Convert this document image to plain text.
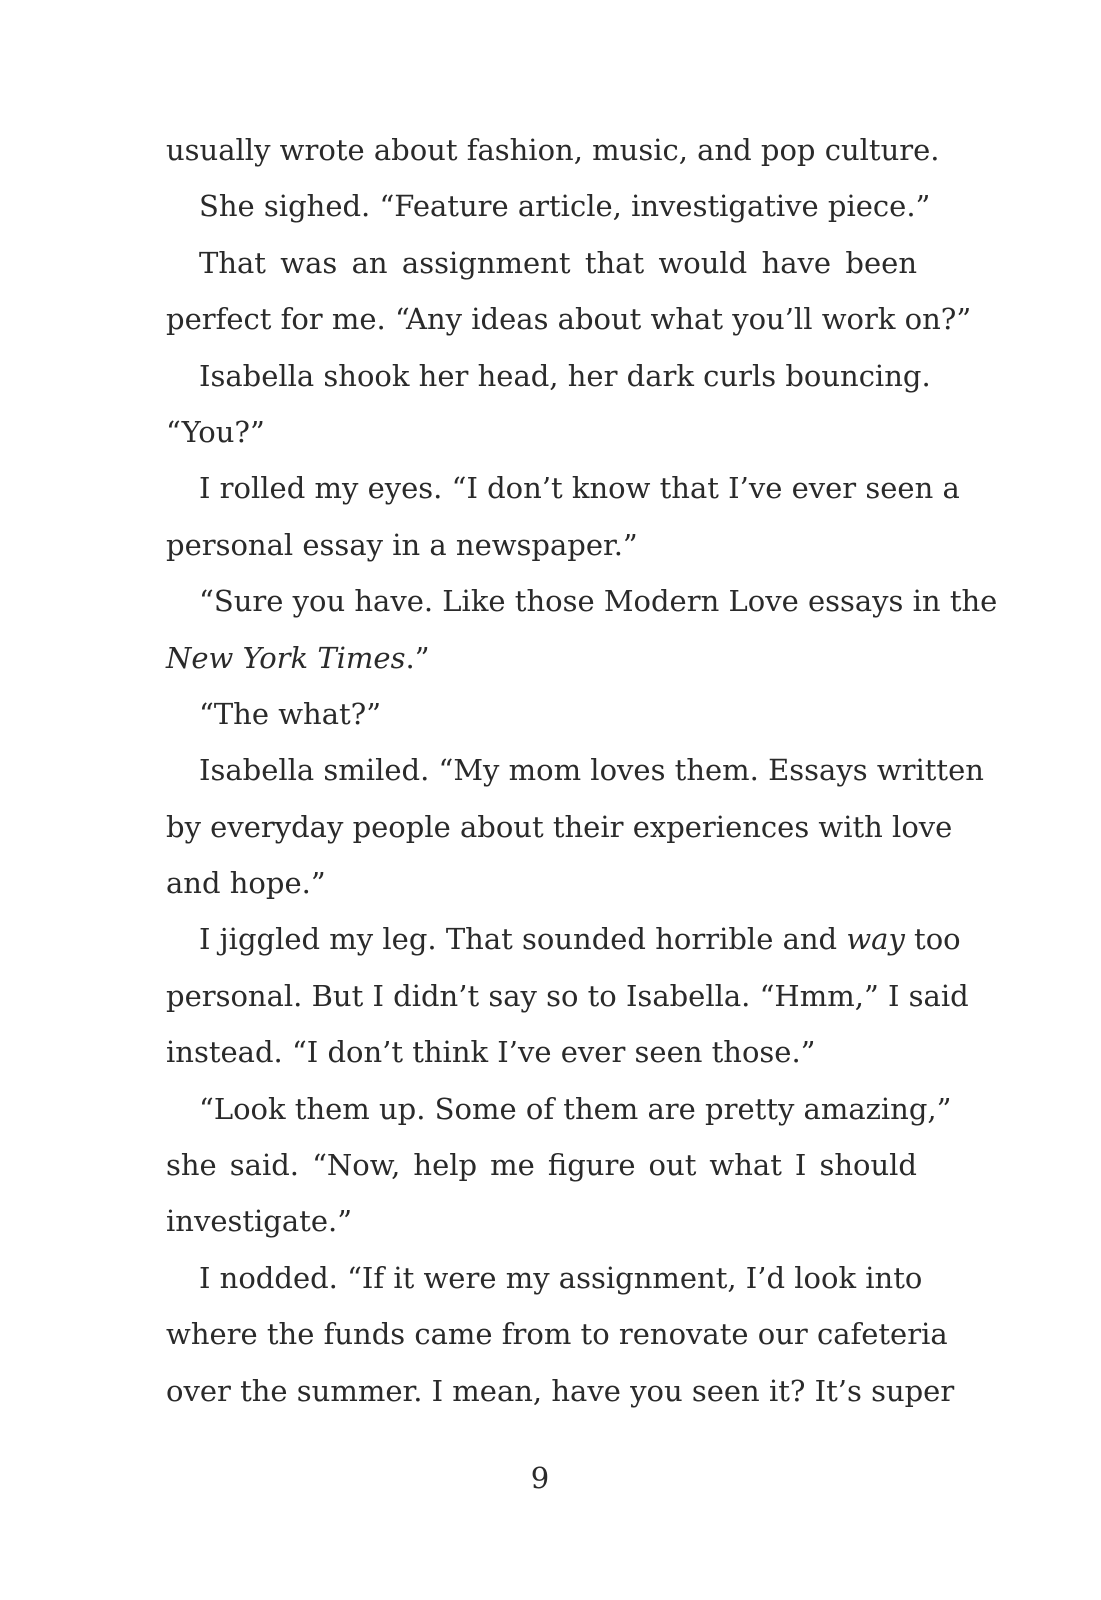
usually wrote about fashion, music, and pop culture.
She sighed. “Feature article, investigative piece.”
That was an assignment that would have been
perfect for me. “Any ideas about what you’ll work on?”
Isabella shook her head, her dark curls bouncing.
“You?”
I rolled my eyes. “I don’t know that I’ve ever seen a
personal essay in a newspaper.”
“Sure you have. Like those Modern Love essays in the
New York Times.”
“The what?”
Isabella smiled. “My mom loves them. Essays written
by everyday people about their experiences with love
and hope.”
I jiggled my leg. That sounded horrible and way too
personal. But I didn’t say so to Isabella. “Hmm,” I said
instead. “I don’t think I’ve ever seen those.”
“Look them up. Some of them are pretty amazing,”
she said. “Now, help me figure out what I should
investigate.”
I nodded. “If it were my assignment, I’d look into
where the funds came from to renovate our cafeteria
over the summer. I mean, have you seen it? It’s super
9
